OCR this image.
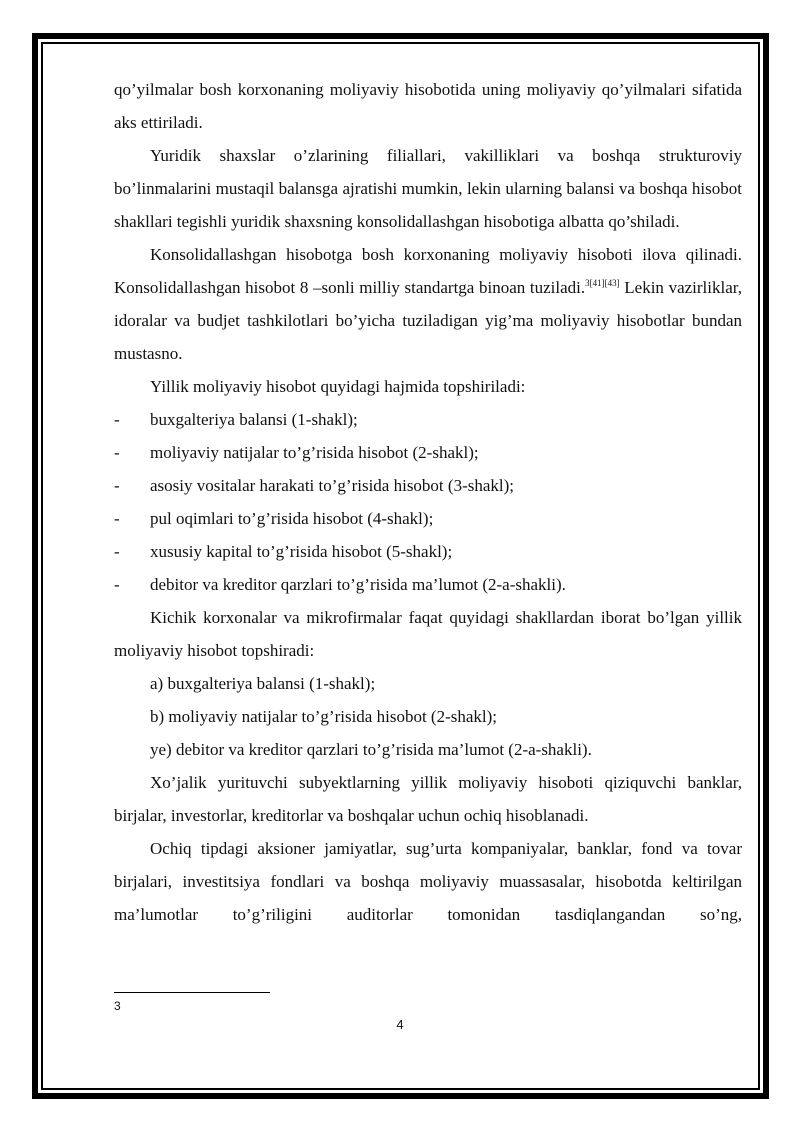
qo’yilmalar bosh korxonaning moliyaviy hisobotida uning moliyaviy qo’yilmalari sifatida aks ettiriladi.

Yuridik shaxslar o’zlarining filiallari, vakilliklari va boshqa strukturoviy bo’linmalarini mustaqil balansga ajratishi mumkin, lekin ularning balansi va boshqa hisobot shakllari tegishli yuridik shaxsning konsolidallashgan hisobotiga albatta qo’shiladi.

Konsolidallashgan hisobotga bosh korxonaning moliyaviy hisoboti ilova qilinadi. Konsolidallashgan hisobot 8 –sonli milliy standartga binoan tuziladi.$^{3[41][43]}$ Lekin vazirliklar, idoralar va budjet tashkilotlari bo’yicha tuziladigan yig’ma moliyaviy hisobotlar bundan mustasno.

Yillik moliyaviy hisobot quyidagi hajmida topshiriladi:

- buxgalteriya balansi (1-shakl);

- moliyaviy natijalar to’g’risida hisobot (2-shakl);

- asosiy vositalar harakati to’g’risida hisobot (3-shakl);

- pul oqimlari to’g’risida hisobot (4-shakl);

- xususiy kapital to’g’risida hisobot (5-shakl);

- debitor va kreditor qarzlari to’g’risida ma’lumot (2-a-shakli).

Kichik korxonalar va mikrofirmalar faqat quyidagi shakllardan iborat bo’lgan yillik moliyaviy hisobot topshiradi:

a) buxgalteriya balansi (1-shakl);

b) moliyaviy natijalar to’g’risida hisobot (2-shakl);

ye) debitor va kreditor qarzlari to’g’risida ma’lumot (2-a-shakli).

Xo’jalik yurituvchi subyektlarning yillik moliyaviy hisoboti qiziquvchi banklar, birjalar, investorlar, kreditorlar va boshqalar uchun ochiq hisoblanadi.

Ochiq tipdagi aksioner jamiyatlar, sug’urta kompaniyalar, banklar, fond va tovar birjalari, investitsiya fondlari va boshqa moliyaviy muassasalar, hisobotda keltirilgan ma’lumotlar to’g’riligini auditorlar tomonidan tasdiqlangandan so’ng,

3
4
